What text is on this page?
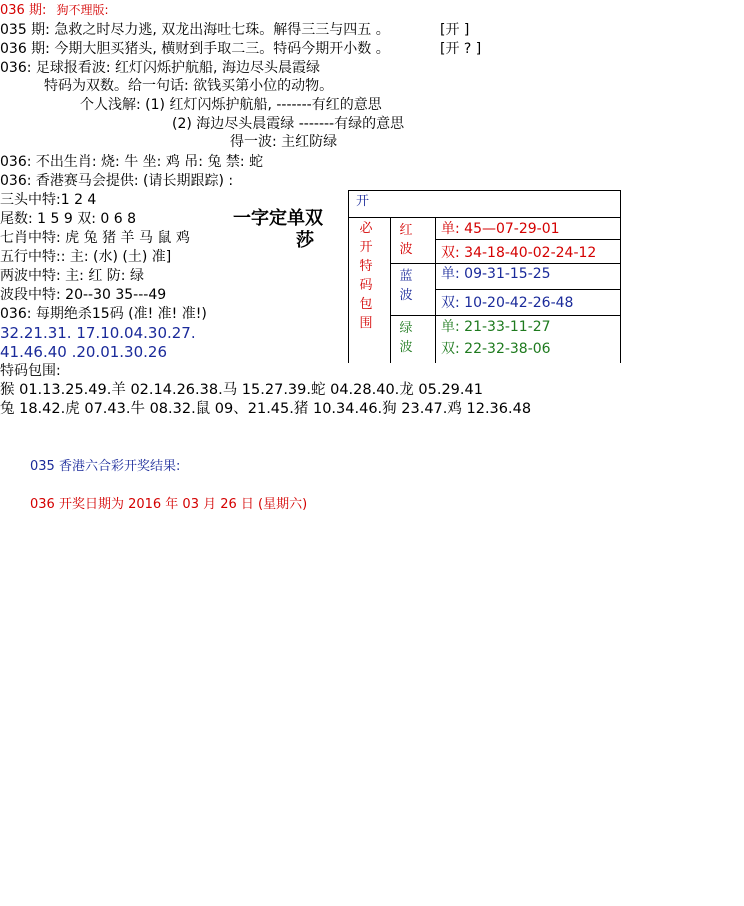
036 期: 狗不理版:
035 期: 急救之时尽力逃, 双龙出海吐七珠。解得三三与四五 。	[开 ]
036 期: 今期大胆买猪头, 横财到手取二三。特码今期开小数 。	[开 ? ]
036: 足球报看波: 红灯闪烁护航船, 海边尽头晨霞绿
特码为双数。给一句话: 欲钱买第小位的动物。
个人浅解: (1) 红灯闪烁护航船, -------有红的意思
(2) 海边尽头晨霞绿 -------有绿的意思
得一波: 主红防绿
036: 不出生肖: 烧: 牛 坐: 鸡 吊: 兔 禁: 蛇
036: 香港赛马会提供: (请长期跟踪) :
三头中特:1 2 4
尾数: 1 5 9 双: 0 6 8
七肖中特: 虎 兔 猪 羊 马 鼠 鸡
五行中特:: 主: (水) (土) 准]
两波中特: 主: 红 防: 绿
波段中特: 20--30 35---49
036: 每期绝杀15码 (准! 准! 准!)
32.21.31. 17.10.04.30.27.
41.46.40 .20.01.30.26
特码包围:
猴 01.13.25.49.羊 02.14.26.38.马 15.27.39.蛇 04.28.40.龙 05.29.41
兔 18.42.虎 07.43.牛 08.32.鼠 09、21.45.猪 10.34.46.狗 23.47.鸡 12.36.48
一字定单双
莎
开
必开特码包围
红波
蓝波
绿波
单: 45—07-29-01
双: 34-18-40-02-24-12
单: 09-31-15-25
双: 10-20-42-26-48
单: 21-33-11-27
双: 22-32-38-06
035 香港六合彩开奖结果:
036 开奖日期为 2016 年 03 月 26 日 (星期六)
